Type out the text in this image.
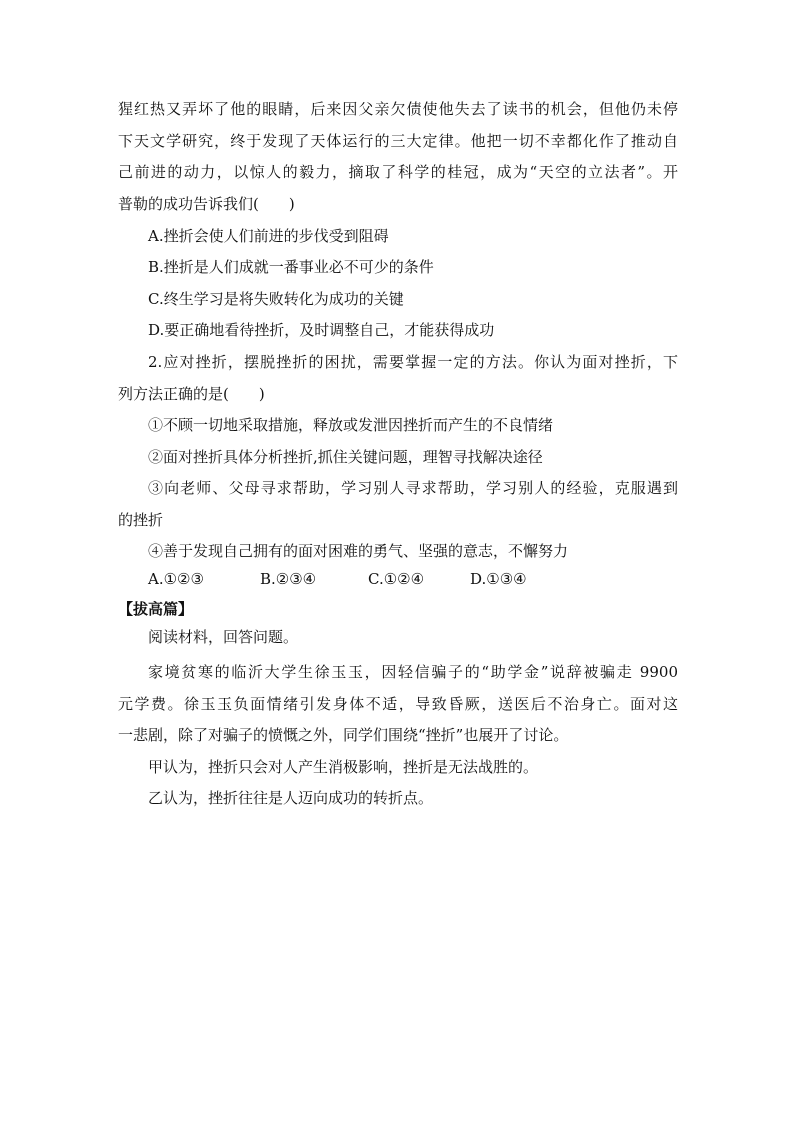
猩红热又弄坏了他的眼睛，后来因父亲欠债使他失去了读书的机会，但他仍未停
下天文学研究，终于发现了天体运行的三大定律。他把一切不幸都化作了推动自
己前进的动力，以惊人的毅力，摘取了科学的桂冠，成为“天空的立法者”。开
普勒的成功告诉我们(　　)
A.挫折会使人们前进的步伐受到阻碍
B.挫折是人们成就一番事业必不可少的条件
C.终生学习是将失败转化为成功的关键
D.要正确地看待挫折，及时调整自己，才能获得成功
2.应对挫折，摆脱挫折的困扰，需要掌握一定的方法。你认为面对挫折，下
列方法正确的是(　　)
①不顾一切地采取措施，释放或发泄因挫折而产生的不良情绪
②面对挫折具体分析挫折,抓住关键问题，理智寻找解决途径
③向老师、父母寻求帮助，学习别人寻求帮助，学习别人的经验，克服遇到
的挫折
④善于发现自己拥有的面对困难的勇气、坚强的意志，不懈努力
A.①②③	B.②③④	C.①②④	D.①③④
【拔高篇】
阅读材料，回答问题。
家境贫寒的临沂大学生徐玉玉，因轻信骗子的“助学金”说辞被骗走 9900
元学费。徐玉玉负面情绪引发身体不适，导致昏厥，送医后不治身亡。面对这
一悲剧，除了对骗子的愤慨之外，同学们围绕“挫折”也展开了讨论。
甲认为，挫折只会对人产生消极影响，挫折是无法战胜的。
乙认为，挫折往往是人迈向成功的转折点。
